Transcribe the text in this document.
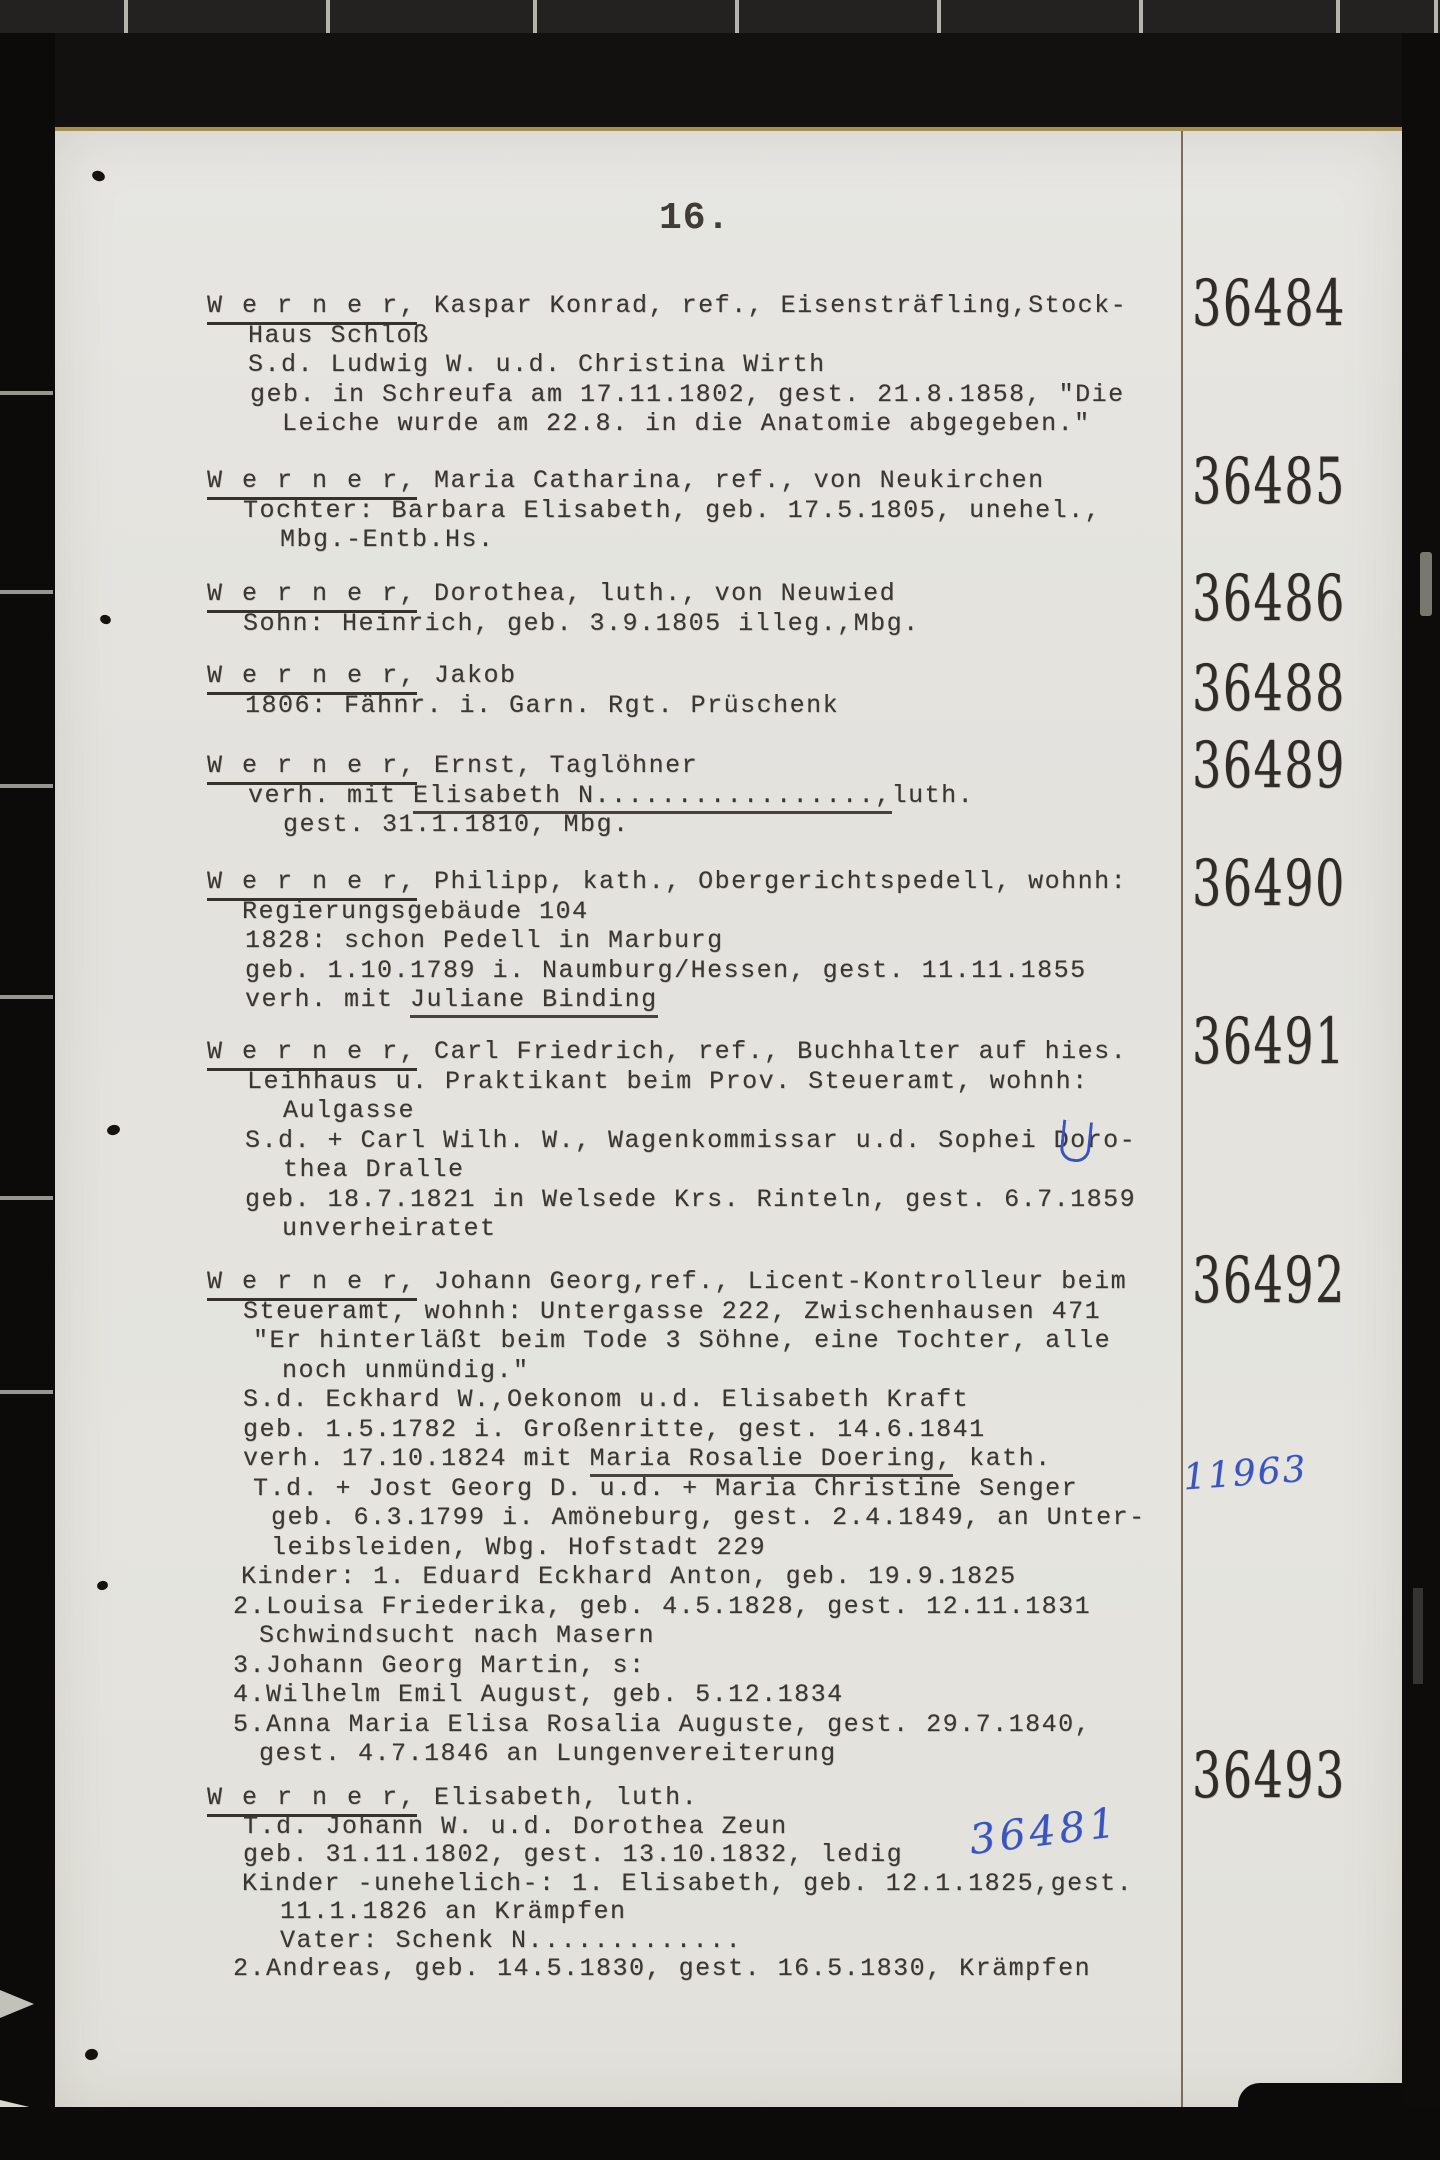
16.
W e r n e r, Kaspar Konrad, ref., Eisensträfling,Stock-
Haus Schloß
S.d. Ludwig W. u.d. Christina Wirth
geb. in Schreufa am 17.11.1802, gest. 21.8.1858, "Die
Leiche wurde am 22.8. in die Anatomie abgegeben."
W e r n e r, Maria Catharina, ref., von Neukirchen
Tochter: Barbara Elisabeth, geb. 17.5.1805, unehel.,
Mbg.-Entb.Hs.
W e r n e r, Dorothea, luth., von Neuwied
Sohn: Heinrich, geb. 3.9.1805 illeg.,Mbg.
W e r n e r, Jakob
1806: Fähnr. i. Garn. Rgt. Prüschenk
W e r n e r, Ernst, Taglöhner
verh. mit Elisabeth N.................,luth.
gest. 31.1.1810, Mbg.
W e r n e r, Philipp, kath., Obergerichtspedell, wohnh:
Regierungsgebäude 104
1828: schon Pedell in Marburg
geb. 1.10.1789 i. Naumburg/Hessen, gest. 11.11.1855
verh. mit Juliane Binding
W e r n e r, Carl Friedrich, ref., Buchhalter auf hies.
Leihhaus u. Praktikant beim Prov. Steueramt, wohnh:
Aulgasse
S.d. + Carl Wilh. W., Wagenkommissar u.d. Sophei Doro-
thea Dralle
geb. 18.7.1821 in Welsede Krs. Rinteln, gest. 6.7.1859
unverheiratet
W e r n e r, Johann Georg,ref., Licent-Kontrolleur beim
Steueramt, wohnh: Untergasse 222, Zwischenhausen 471
"Er hinterläßt beim Tode 3 Söhne, eine Tochter, alle
noch unmündig."
S.d. Eckhard W.,Oekonom u.d. Elisabeth Kraft
geb. 1.5.1782 i. Großenritte, gest. 14.6.1841
verh. 17.10.1824 mit Maria Rosalie Doering, kath.
T.d. + Jost Georg D. u.d. + Maria Christine Senger
geb. 6.3.1799 i. Amöneburg, gest. 2.4.1849, an Unter-
leibsleiden, Wbg. Hofstadt 229
Kinder: 1. Eduard Eckhard Anton, geb. 19.9.1825
2.Louisa Friederika, geb. 4.5.1828, gest. 12.11.1831
Schwindsucht nach Masern
3.Johann Georg Martin, s:
4.Wilhelm Emil August, geb. 5.12.1834
5.Anna Maria Elisa Rosalia Auguste, gest. 29.7.1840,
gest. 4.7.1846 an Lungenvereiterung
W e r n e r, Elisabeth, luth.
T.d. Johann W. u.d. Dorothea Zeun
geb. 31.11.1802, gest. 13.10.1832, ledig
Kinder -unehelich-: 1. Elisabeth, geb. 12.1.1825,gest.
11.1.1826 an Krämpfen
Vater: Schenk N.............
2.Andreas, geb. 14.5.1830, gest. 16.5.1830, Krämpfen
36484
36485
36486
36488
36489
36490
36491
36492
36493
11963
36481
